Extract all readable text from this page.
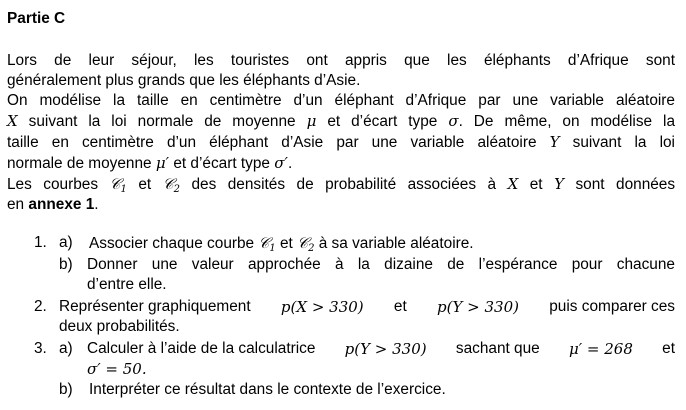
Partie C
Lors de leur séjour, les touristes ont appris que les éléphants d’Afrique sont
généralement plus grands que les éléphants d’Asie.
On modélise la taille en centimètre d’un éléphant d’Afrique par une variable aléatoire
X suivant la loi normale de moyenne μ et d’écart type σ. De même, on modélise la
taille en centimètre d’un éléphant d’Asie par une variable aléatoire Y suivant la loi
normale de moyenne μ′ et d’écart type σ′.
Les courbes 𝒞$_1$ et 𝒞$_2$ des densités de probabilité associées à X et Y sont données
en annexe 1.
1. a) Associer chaque courbe 𝒞$_1$ et 𝒞$_2$ à sa variable aléatoire.
b) Donner une valeur approchée à la dizaine de l’espérance pour chacune
d’entre elle.
2. Représenter graphiquement p(X > 330) et p(Y > 330) puis comparer ces
deux probabilités.
3. a) Calculer à l’aide de la calculatrice p(Y > 330) sachant que μ′ = 268 et
σ′ = 50.
b) Interpréter ce résultat dans le contexte de l’exercice.
